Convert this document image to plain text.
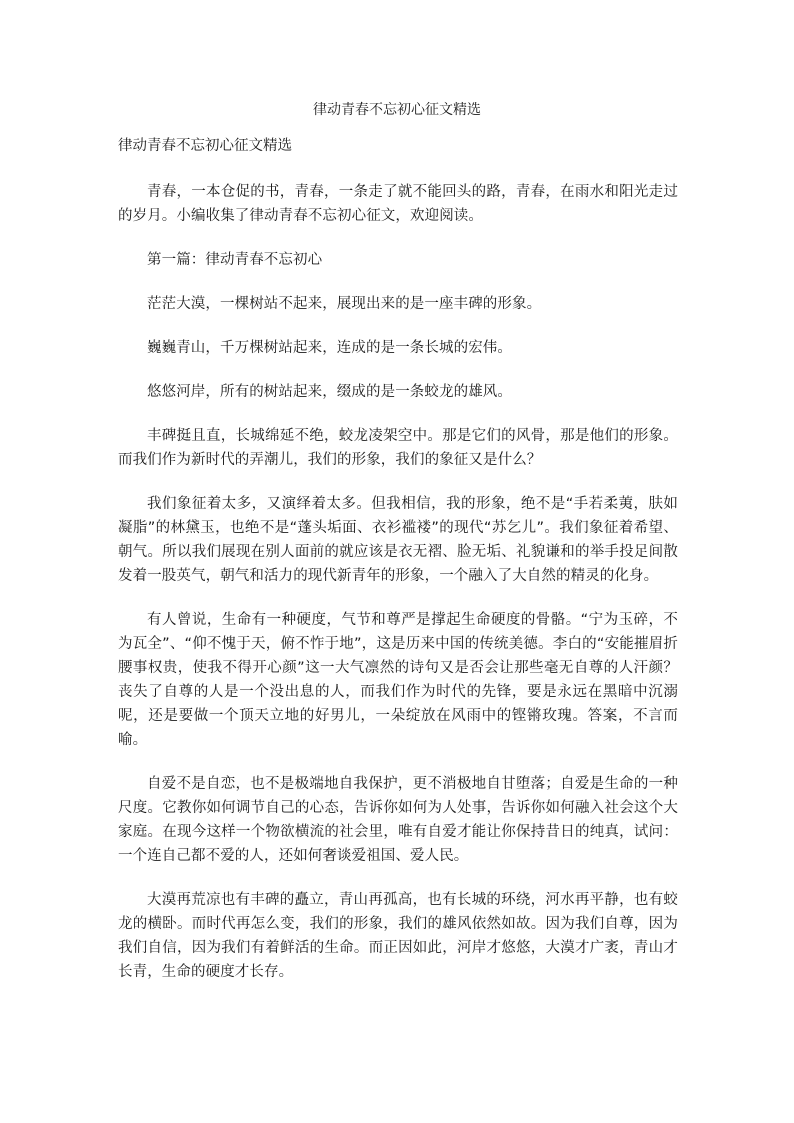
律动青春不忘初心征文精选
律动青春不忘初心征文精选

青春，一本仓促的书，青春，一条走了就不能回头的路，青春，在雨水和阳光走过的岁月。小编收集了律动青春不忘初心征文，欢迎阅读。

第一篇：律动青春不忘初心

茫茫大漠，一棵树站不起来，展现出来的是一座丰碑的形象。

巍巍青山，千万棵树站起来，连成的是一条长城的宏伟。

悠悠河岸，所有的树站起来，缀成的是一条蛟龙的雄风。

丰碑挺且直，长城绵延不绝，蛟龙凌架空中。那是它们的风骨，那是他们的形象。而我们作为新时代的弄潮儿，我们的形象，我们的象征又是什么？

我们象征着太多，又演绎着太多。但我相信，我的形象，绝不是“手若柔荑，肤如凝脂”的林黛玉，也绝不是“蓬头垢面、衣衫褴褛”的现代“苏乞儿”。我们象征着希望、朝气。所以我们展现在别人面前的就应该是衣无褶、脸无垢、礼貌谦和的举手投足间散发着一股英气，朝气和活力的现代新青年的形象，一个融入了大自然的精灵的化身。

有人曾说，生命有一种硬度，气节和尊严是撑起生命硬度的骨骼。“宁为玉碎，不为瓦全”、“仰不愧于天，俯不怍于地”，这是历来中国的传统美德。李白的“安能摧眉折腰事权贵，使我不得开心颜”这一大气凛然的诗句又是否会让那些毫无自尊的人汗颜？丧失了自尊的人是一个没出息的人，而我们作为时代的先锋，要是永远在黑暗中沉溺呢，还是要做一个顶天立地的好男儿，一朵绽放在风雨中的铿锵玫瑰。答案，不言而喻。

自爱不是自恋，也不是极端地自我保护，更不消极地自甘堕落；自爱是生命的一种尺度。它教你如何调节自己的心态，告诉你如何为人处事，告诉你如何融入社会这个大家庭。在现今这样一个物欲横流的社会里，唯有自爱才能让你保持昔日的纯真，试问：一个连自己都不爱的人，还如何奢谈爱祖国、爱人民。

大漠再荒凉也有丰碑的矗立，青山再孤高，也有长城的环绕，河水再平静，也有蛟龙的横卧。而时代再怎么变，我们的形象，我们的雄风依然如故。因为我们自尊，因为我们自信，因为我们有着鲜活的生命。而正因如此，河岸才悠悠，大漠才广袤，青山才长青，生命的硬度才长存。
